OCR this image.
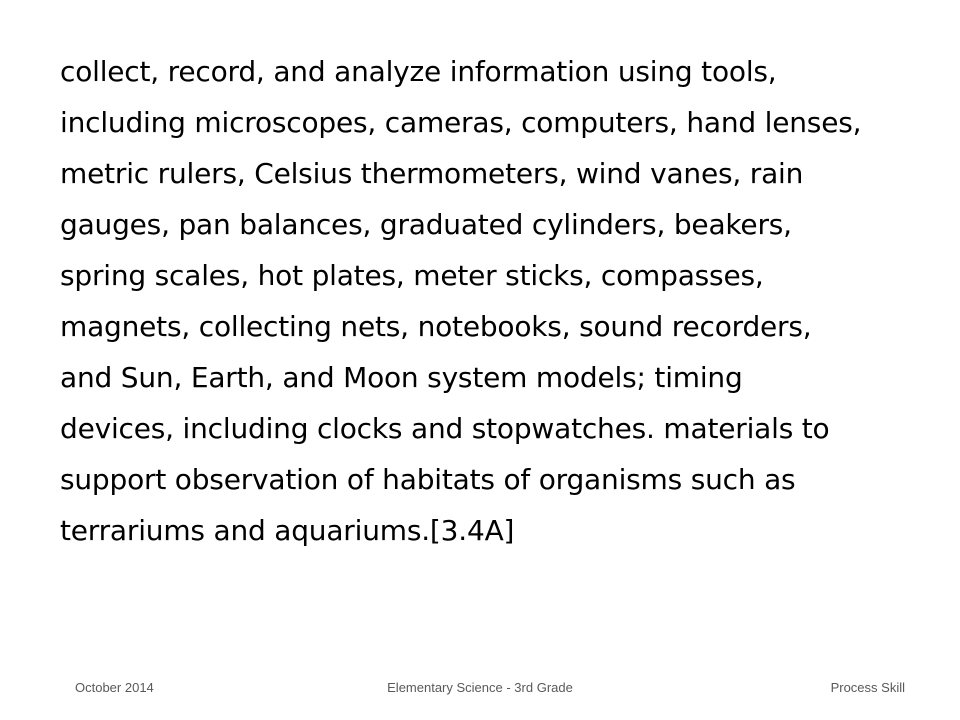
collect, record, and analyze information using tools,
including microscopes, cameras, computers, hand lenses,
metric rulers, Celsius thermometers, wind vanes, rain
gauges, pan balances, graduated cylinders, beakers,
spring scales, hot plates, meter sticks, compasses,
magnets, collecting nets, notebooks, sound recorders,
and Sun, Earth, and Moon system models; timing
devices, including clocks and stopwatches. materials to
support observation of habitats of organisms such as
terrariums and aquariums.[3.4A]

Elementary Science - 3rd Grade
October 2014	Process Skill
